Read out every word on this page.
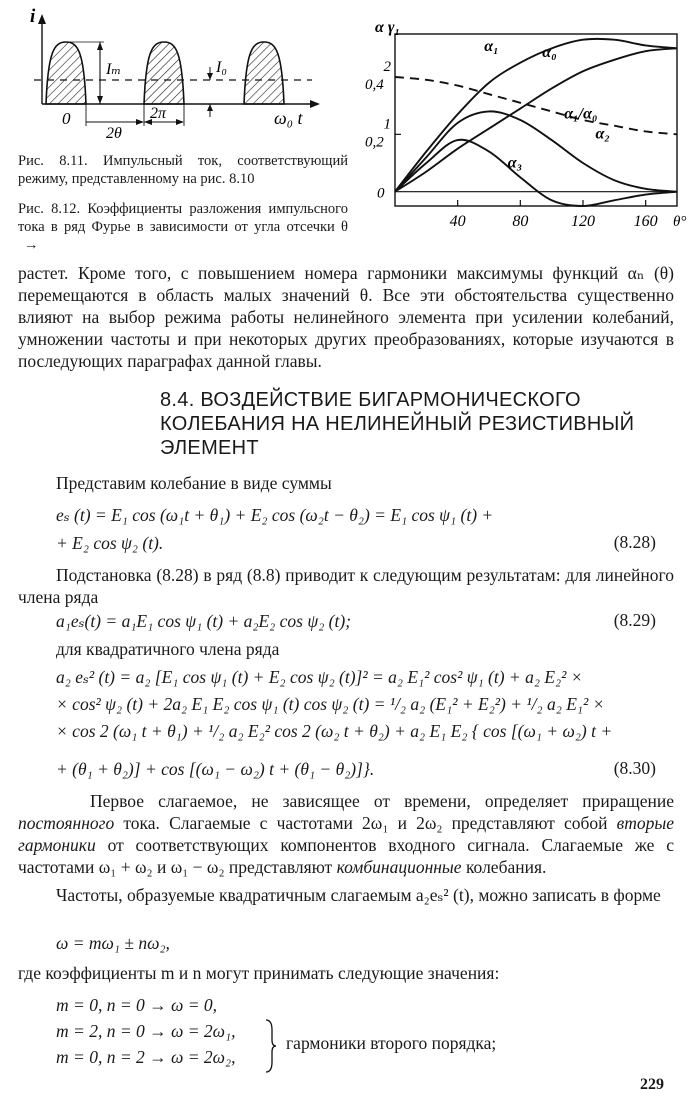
i
ω₀ t
Iₘ	I₀
0
2θ
2π
Рис. 8.11. Импульсный ток, соответствующий режиму, представленному на рис. 8.10
Рис. 8.12. Коэффициенты разложения импульсного тока в ряд Фурье в зависимости от угла отсечки θ →
40	80	120 160 θ°
0,4
2
0,2
1
0
α γ₁
α₁	α₀
α₁/α₀
α₂
α₃
растет. Кроме того, с повышением номера гармоники максимумы функций αₙ (θ) перемещаются в область малых значений θ. Все эти обстоятельства существенно влияют на выбор режима работы нелинейного элемента при усилении колебаний, умножении частоты и при некоторых других преобразованиях, которые изучаются в последующих параграфах данной главы.
8.4. ВОЗДЕЙСТВИЕ БИГАРМОНИЧЕСКОГО КОЛЕБАНИЯ НА НЕЛИНЕЙНЫЙ РЕЗИСТИВНЫЙ ЭЛЕМЕНТ
Представим колебание в виде суммы
eₛ (t) = E₁ cos (ω₁t + θ₁) + E₂ cos (ω₂t − θ₂) = E₁ cos ψ₁ (t) +
+ E₂ cos ψ₂ (t).	(8.28)
Подстановка (8.28) в ряд (8.8) приводит к следующим результатам: для линейного члена ряда
a₁eₛ(t) = a₁E₁ cos ψ₁ (t) + a₂E₂ cos ψ₂ (t);	(8.29)
для квадратичного члена ряда
a₂ eₛ² (t) = a₂ [E₁ cos ψ₁ (t) + E₂ cos ψ₂ (t)]² = a₂ E₁² cos² ψ₁ (t) + a₂ E₂² ×
× cos² ψ₂ (t) + 2a₂ E₁ E₂ cos ψ₁ (t) cos ψ₂ (t) = ¹/₂ a₂ (E₁² + E₂²) + ¹/₂ a₂ E₁² ×
× cos 2 (ω₁ t + θ₁) + ¹/₂ a₂ E₂² cos 2 (ω₂ t + θ₂) + a₂ E₁ E₂ { cos [(ω₁ + ω₂) t +
+ (θ₁ + θ₂)] + cos [(ω₁ − ω₂) t + (θ₁ − θ₂)]}.	(8.30)
Первое слагаемое, не зависящее от времени, определяет приращение постоянного тока. Слагаемые с частотами 2ω₁ и 2ω₂ представляют собой вторые гармоники от соответствующих компонентов входного сигнала. Слагаемые же с частотами ω₁ + ω₂ и ω₁ − ω₂ представляют комбинационные колебания.
Частоты, образуемые квадратичным слагаемым a₂eₛ² (t), можно записать в форме
ω = mω₁ ± nω₂,
где коэффициенты m и n могут принимать следующие значения:
m = 0, n = 0 → ω = 0,
m = 2, n = 0 → ω = 2ω₁,
m = 0, n = 2 → ω = 2ω₂,
гармоники второго порядка;
229
